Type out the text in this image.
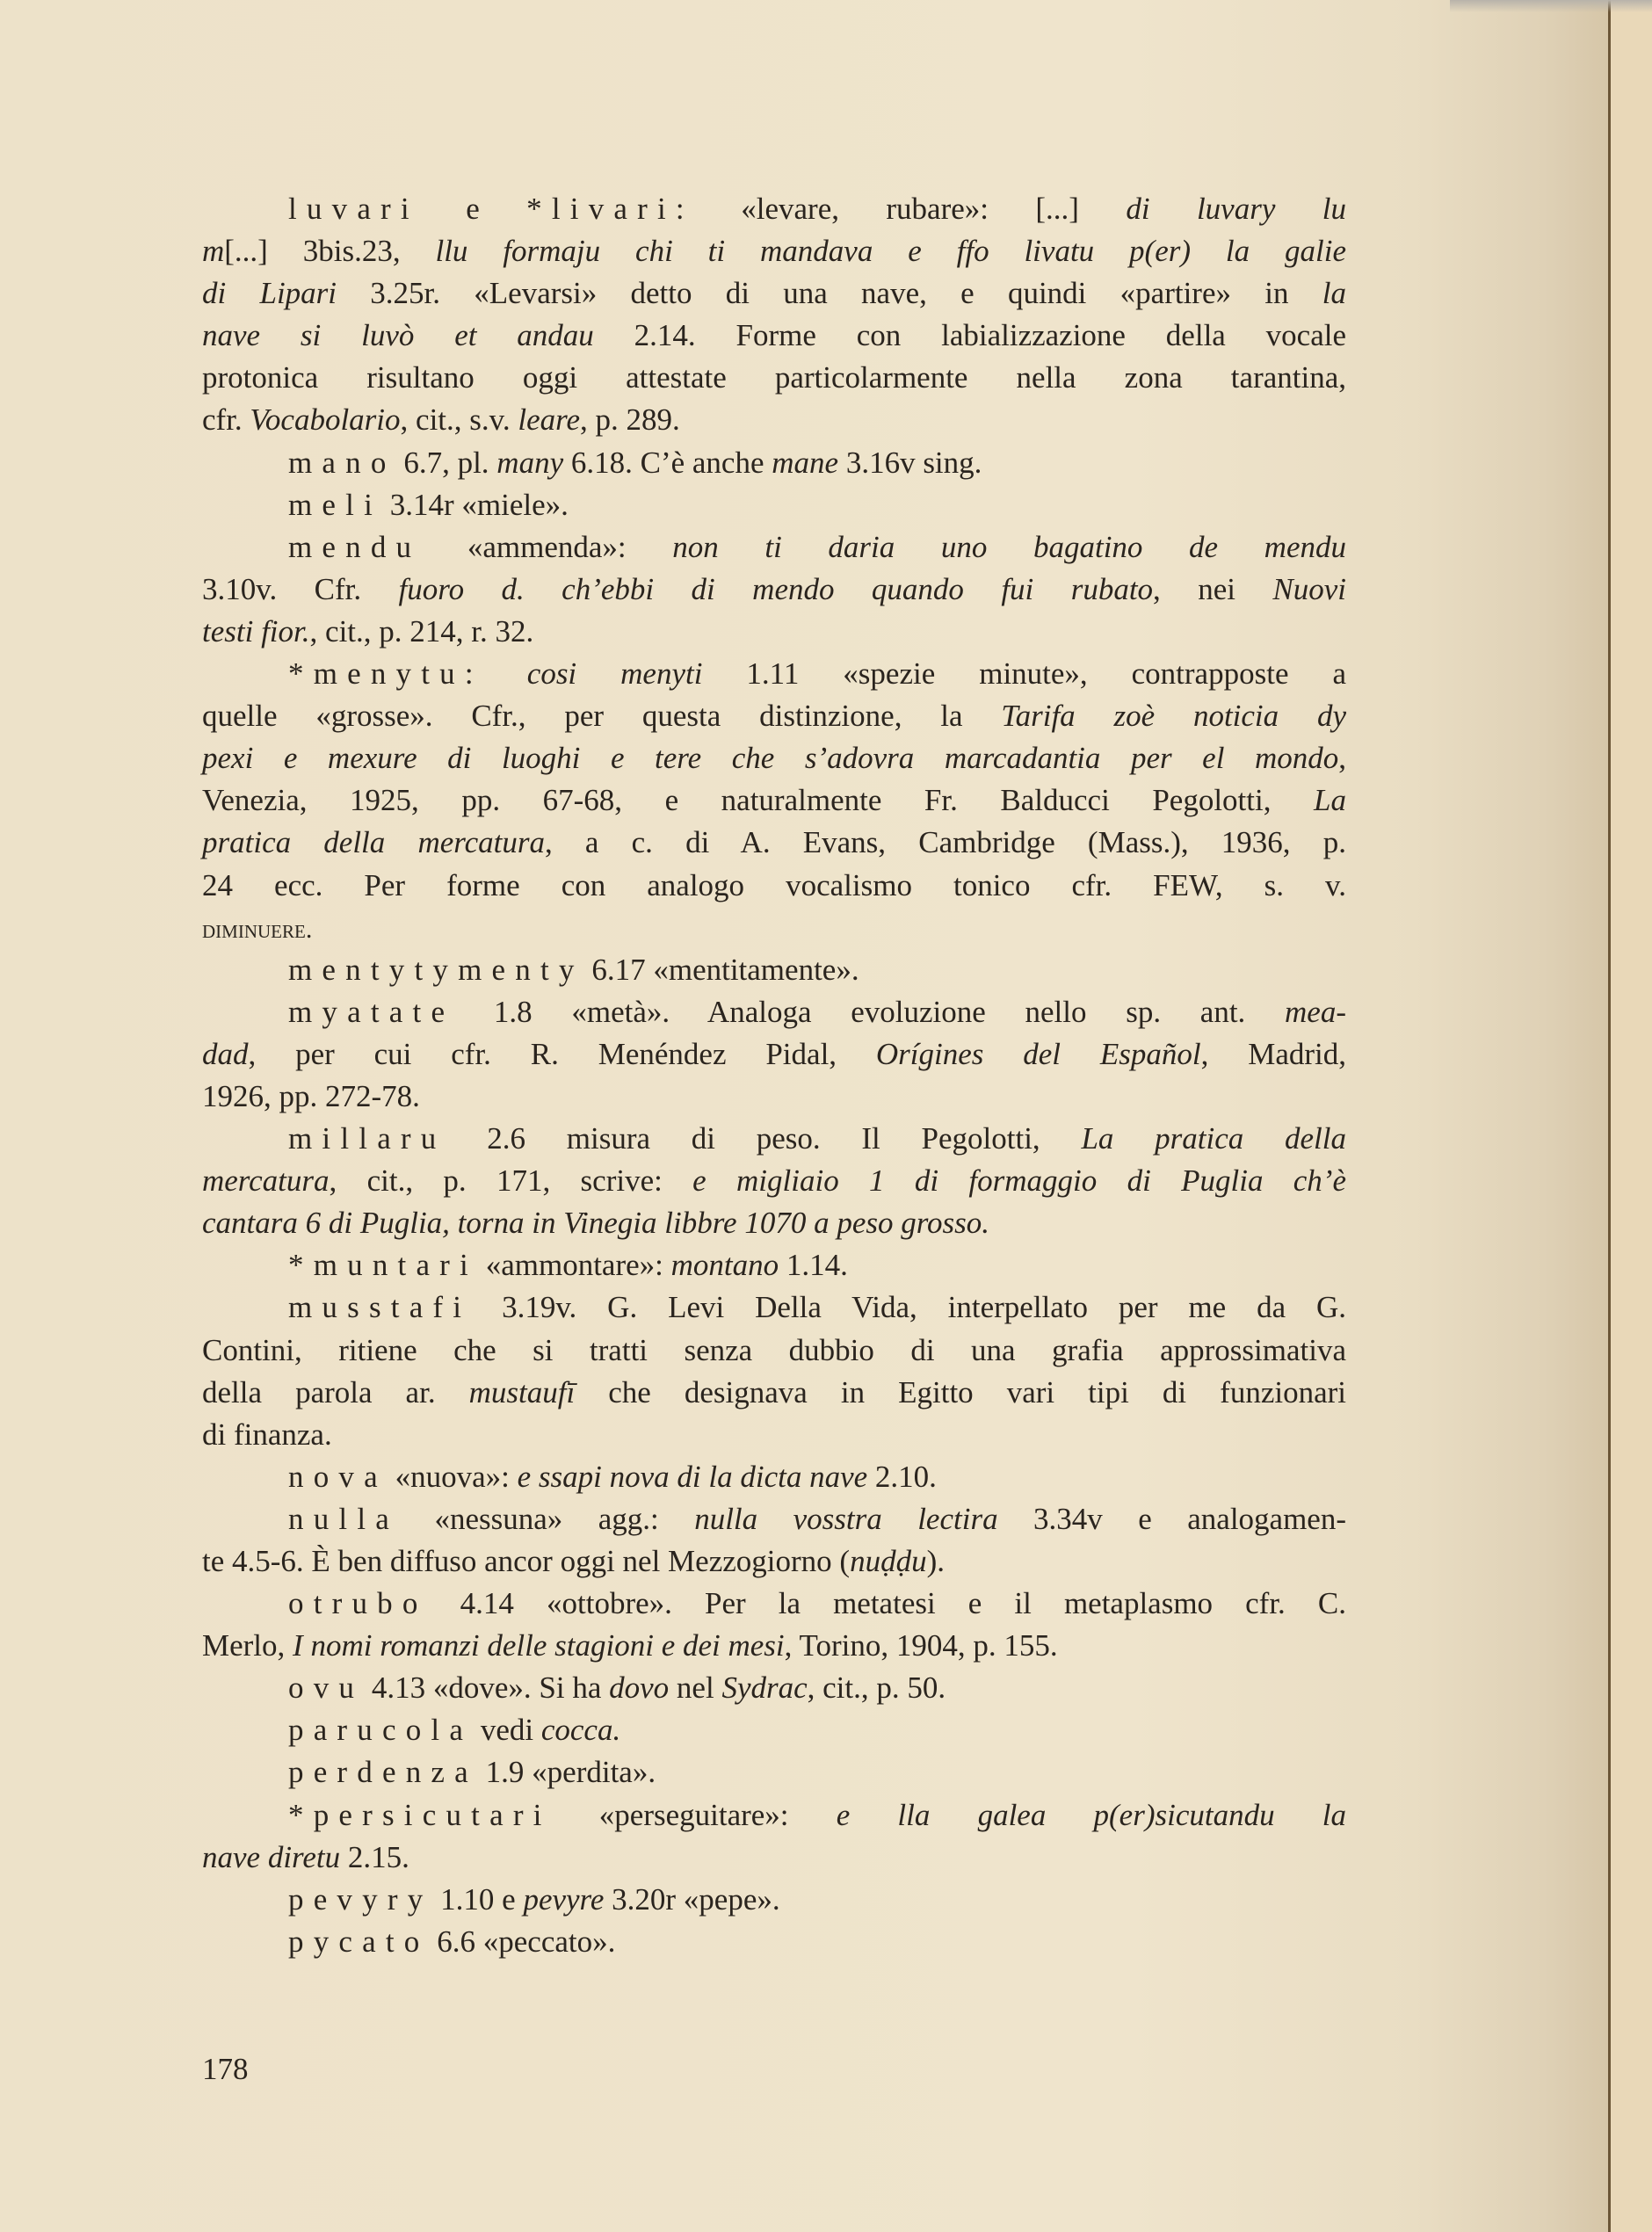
luvari e *livari: «levare, rubare»: [...] di luvary lu
m[...] 3bis.23, llu formaju chi ti mandava e ffo livatu p(er) la galie
di Lipari 3.25r. «Levarsi» detto di una nave, e quindi «partire» in la
nave si luvò et andau 2.14. Forme con labializzazione della vocale
protonica risultano oggi attestate particolarmente nella zona tarantina,
cfr. Vocabolario, cit., s.v. leare, p. 289.
mano 6.7, pl. many 6.18. C’è anche mane 3.16v sing.
meli 3.14r «miele».
mendu «ammenda»: non ti daria uno bagatino de mendu
3.10v. Cfr. fuoro d. ch’ebbi di mendo quando fui rubato, nei Nuovi
testi fior., cit., p. 214, r. 32.
*menytu: cosi menyti 1.11 «spezie minute», contrapposte a
quelle «grosse». Cfr., per questa distinzione, la Tarifa zoè noticia dy
pexi e mexure di luoghi e tere che s’adovra marcadantia per el mondo,
Venezia, 1925, pp. 67-68, e naturalmente Fr. Balducci Pegolotti, La
pratica della mercatura, a c. di A. Evans, Cambridge (Mass.), 1936, p.
24 ecc. Per forme con analogo vocalismo tonico cfr. FEW, s. v.
diminuere.
mentytymenty 6.17 «mentitamente».
myatate 1.8 «metà». Analoga evoluzione nello sp. ant. mea-
dad, per cui cfr. R. Menéndez Pidal, Orígines del Español, Madrid,
1926, pp. 272-78.
millaru 2.6 misura di peso. Il Pegolotti, La pratica della
mercatura, cit., p. 171, scrive: e migliaio 1 di formaggio di Puglia ch’è
cantara 6 di Puglia, torna in Vinegia libbre 1070 a peso grosso.
*muntari «ammontare»: montano 1.14.
musstafi 3.19v. G. Levi Della Vida, interpellato per me da G.
Contini, ritiene che si tratti senza dubbio di una grafia approssimativa
della parola ar. mustaufī che designava in Egitto vari tipi di funzionari
di finanza.
nova «nuova»: e ssapi nova di la dicta nave 2.10.
nulla «nessuna» agg.: nulla vosstra lectira 3.34v e analogamen-
te 4.5-6. È ben diffuso ancor oggi nel Mezzogiorno (nuḍḍu).
otrubo 4.14 «ottobre». Per la metatesi e il metaplasmo cfr. C.
Merlo, I nomi romanzi delle stagioni e dei mesi, Torino, 1904, p. 155.
ovu 4.13 «dove». Si ha dovo nel Sydrac, cit., p. 50.
parucola vedi cocca.
perdenza 1.9 «perdita».
*persicutari «perseguitare»: e lla galea p(er)sicutandu la
nave diretu 2.15.
pevyry 1.10 e pevyre 3.20r «pepe».
pycato 6.6 «peccato».
178
